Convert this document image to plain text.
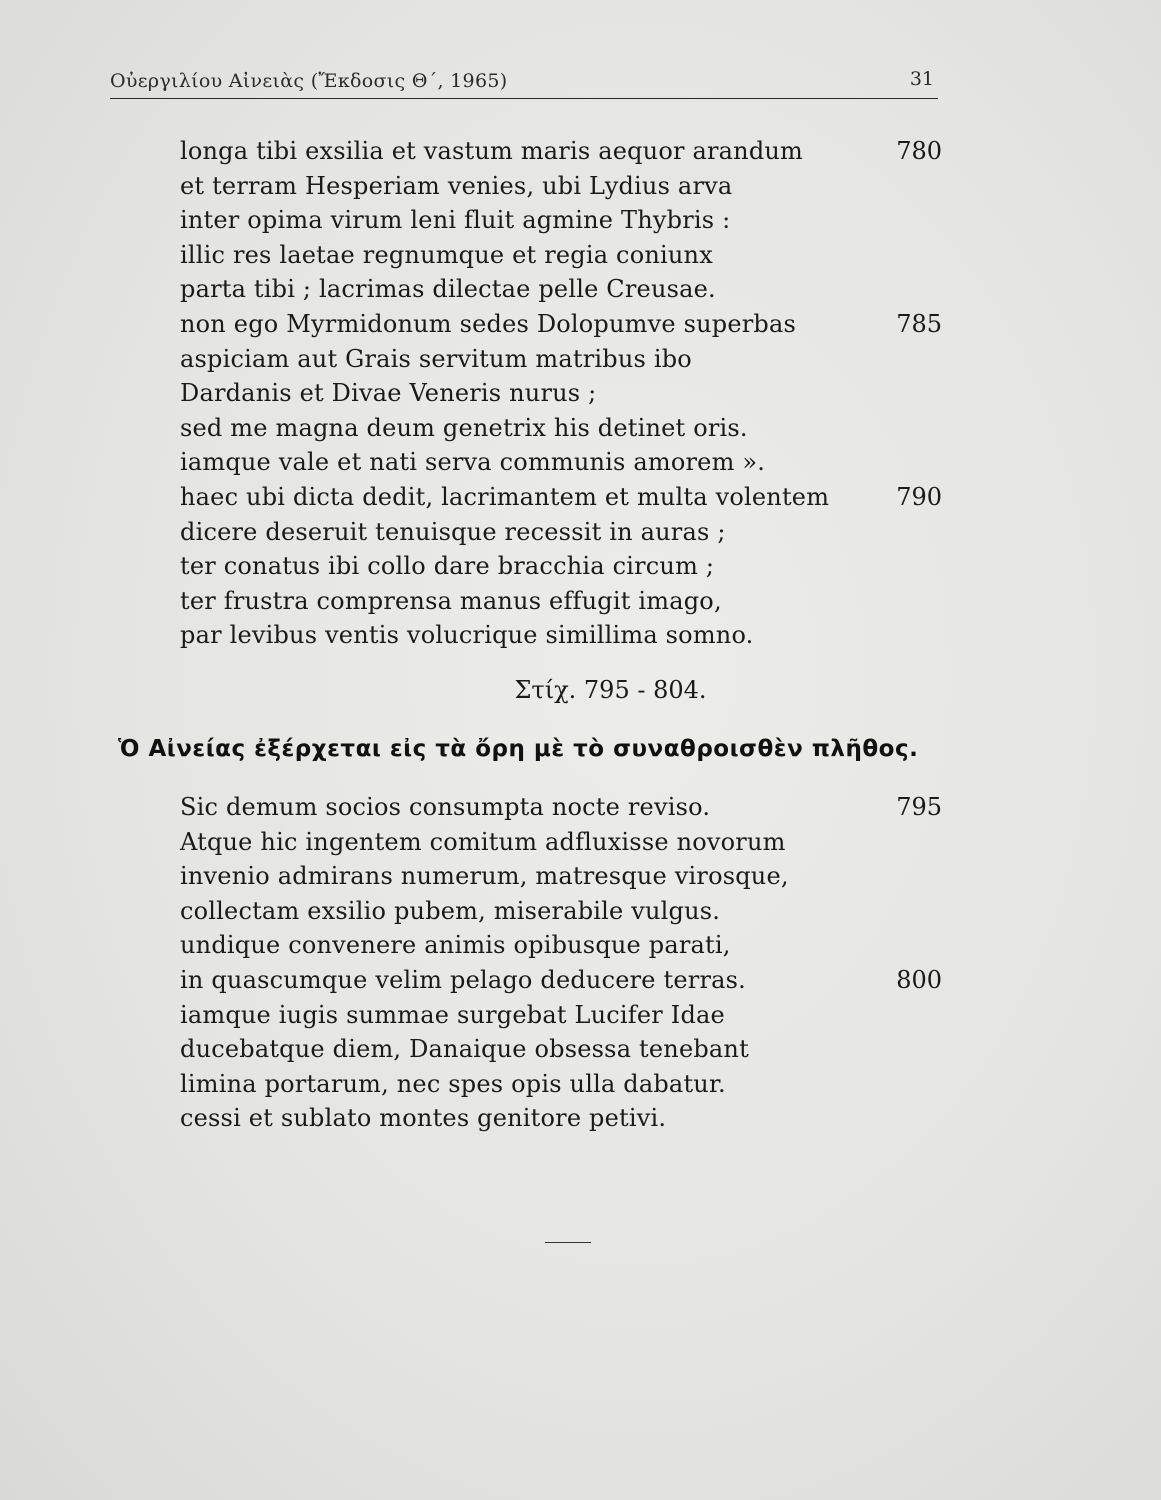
Οὐεργιλίου Αἰνειὰς (Ἔκδοσις Θ΄, 1965)	31
longa tibi exsilia et vastum maris aequor arandum	780
et terram Hesperiam venies, ubi Lydius arva
inter opima virum leni fluit agmine Thybris :
illic res laetae regnumque et regia coniunx
parta tibi ; lacrimas dilectae pelle Creusae.
non ego Myrmidonum sedes Dolopumve superbas	785
aspiciam aut Grais servitum matribus ibo
Dardanis et Divae Veneris nurus ;
sed me magna deum genetrix his detinet oris.
iamque vale et nati serva communis amorem ».
haec ubi dicta dedit, lacrimantem et multa volentem	790
dicere deseruit tenuisque recessit in auras ;
ter conatus ibi collo dare bracchia circum ;
ter frustra comprensa manus effugit imago,
par levibus ventis volucrique simillima somno.
Στίχ. 795 - 804.
Ὁ Αἰνείας ἐξέρχεται εἰς τὰ ὄρη μὲ τὸ συναθροισθὲν πλῆθος.
Sic demum socios consumpta nocte reviso.	795
Atque hic ingentem comitum adfluxisse novorum
invenio admirans numerum, matresque virosque,
collectam exsilio pubem, miserabile vulgus.
undique convenere animis opibusque parati,
in quascumque velim pelago deducere terras.	800
iamque iugis summae surgebat Lucifer Idae
ducebatque diem, Danaique obsessa tenebant
limina portarum, nec spes opis ulla dabatur.
cessi et sublato montes genitore petivi.
